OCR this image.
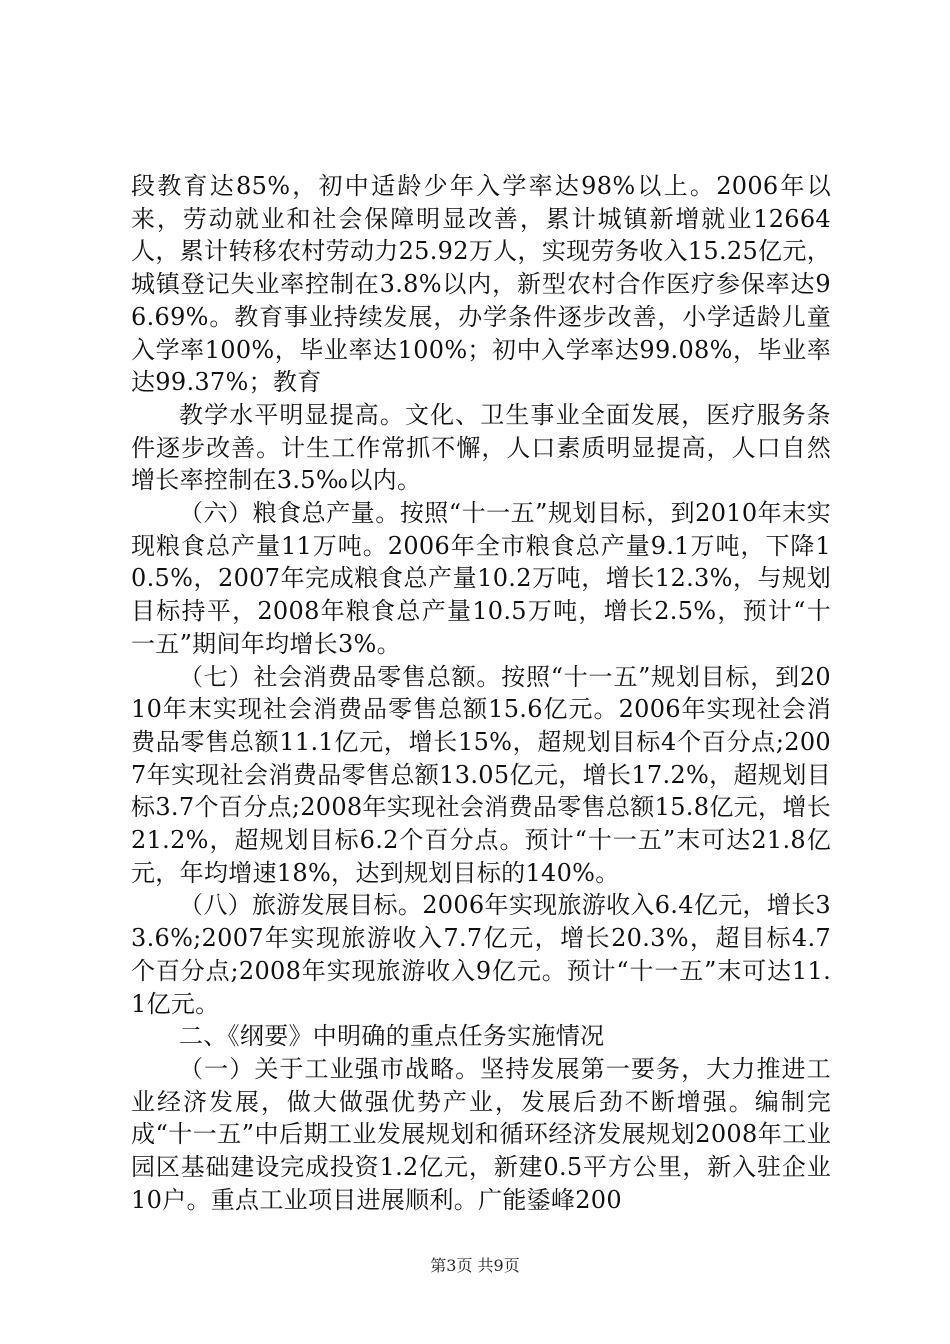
段教育达85%，初中适龄少年入学率达98%以上。2006年以来，劳动就业和社会保障明显改善，累计城镇新增就业12664人，累计转移农村劳动力25.92万人，实现劳务收入15.25亿元，城镇登记失业率控制在3.8%以内，新型农村合作医疗参保率达96.69%。教育事业持续发展，办学条件逐步改善，小学适龄儿童入学率100%，毕业率达100%；初中入学率达99.08%，毕业率达99.37%；教育

教学水平明显提高。文化、卫生事业全面发展，医疗服务条件逐步改善。计生工作常抓不懈，人口素质明显提高，人口自然增长率控制在3.5‰以内。

（六）粮食总产量。按照“十一五”规划目标，到2010年末实现粮食总产量11万吨。2006年全市粮食总产量9.1万吨，下降10.5%，2007年完成粮食总产量10.2万吨，增长12.3%，与规划目标持平，2008年粮食总产量10.5万吨，增长2.5%，预计“十一五”期间年均增长3%。

（七）社会消费品零售总额。按照“十一五”规划目标，到2010年末实现社会消费品零售总额15.6亿元。2006年实现社会消费品零售总额11.1亿元，增长15%，超规划目标4个百分点;2007年实现社会消费品零售总额13.05亿元，增长17.2%，超规划目标3.7个百分点;2008年实现社会消费品零售总额15.8亿元，增长21.2%，超规划目标6.2个百分点。预计“十一五”末可达21.8亿元，年均增速18%，达到规划目标的140%。

（八）旅游发展目标。2006年实现旅游收入6.4亿元，增长33.6%;2007年实现旅游收入7.7亿元，增长20.3%，超目标4.7个百分点;2008年实现旅游收入9亿元。预计“十一五”末可达11.1亿元。

二、《纲要》中明确的重点任务实施情况

（一）关于工业强市战略。坚持发展第一要务，大力推进工业经济发展，做大做强优势产业，发展后劲不断增强。编制完成“十一五”中后期工业发展规划和循环经济发展规划2008年工业园区基础建设完成投资1.2亿元，新建0.5平方公里，新入驻企业10户。重点工业项目进展顺利。广能鋈峰200

第3页 共9页
